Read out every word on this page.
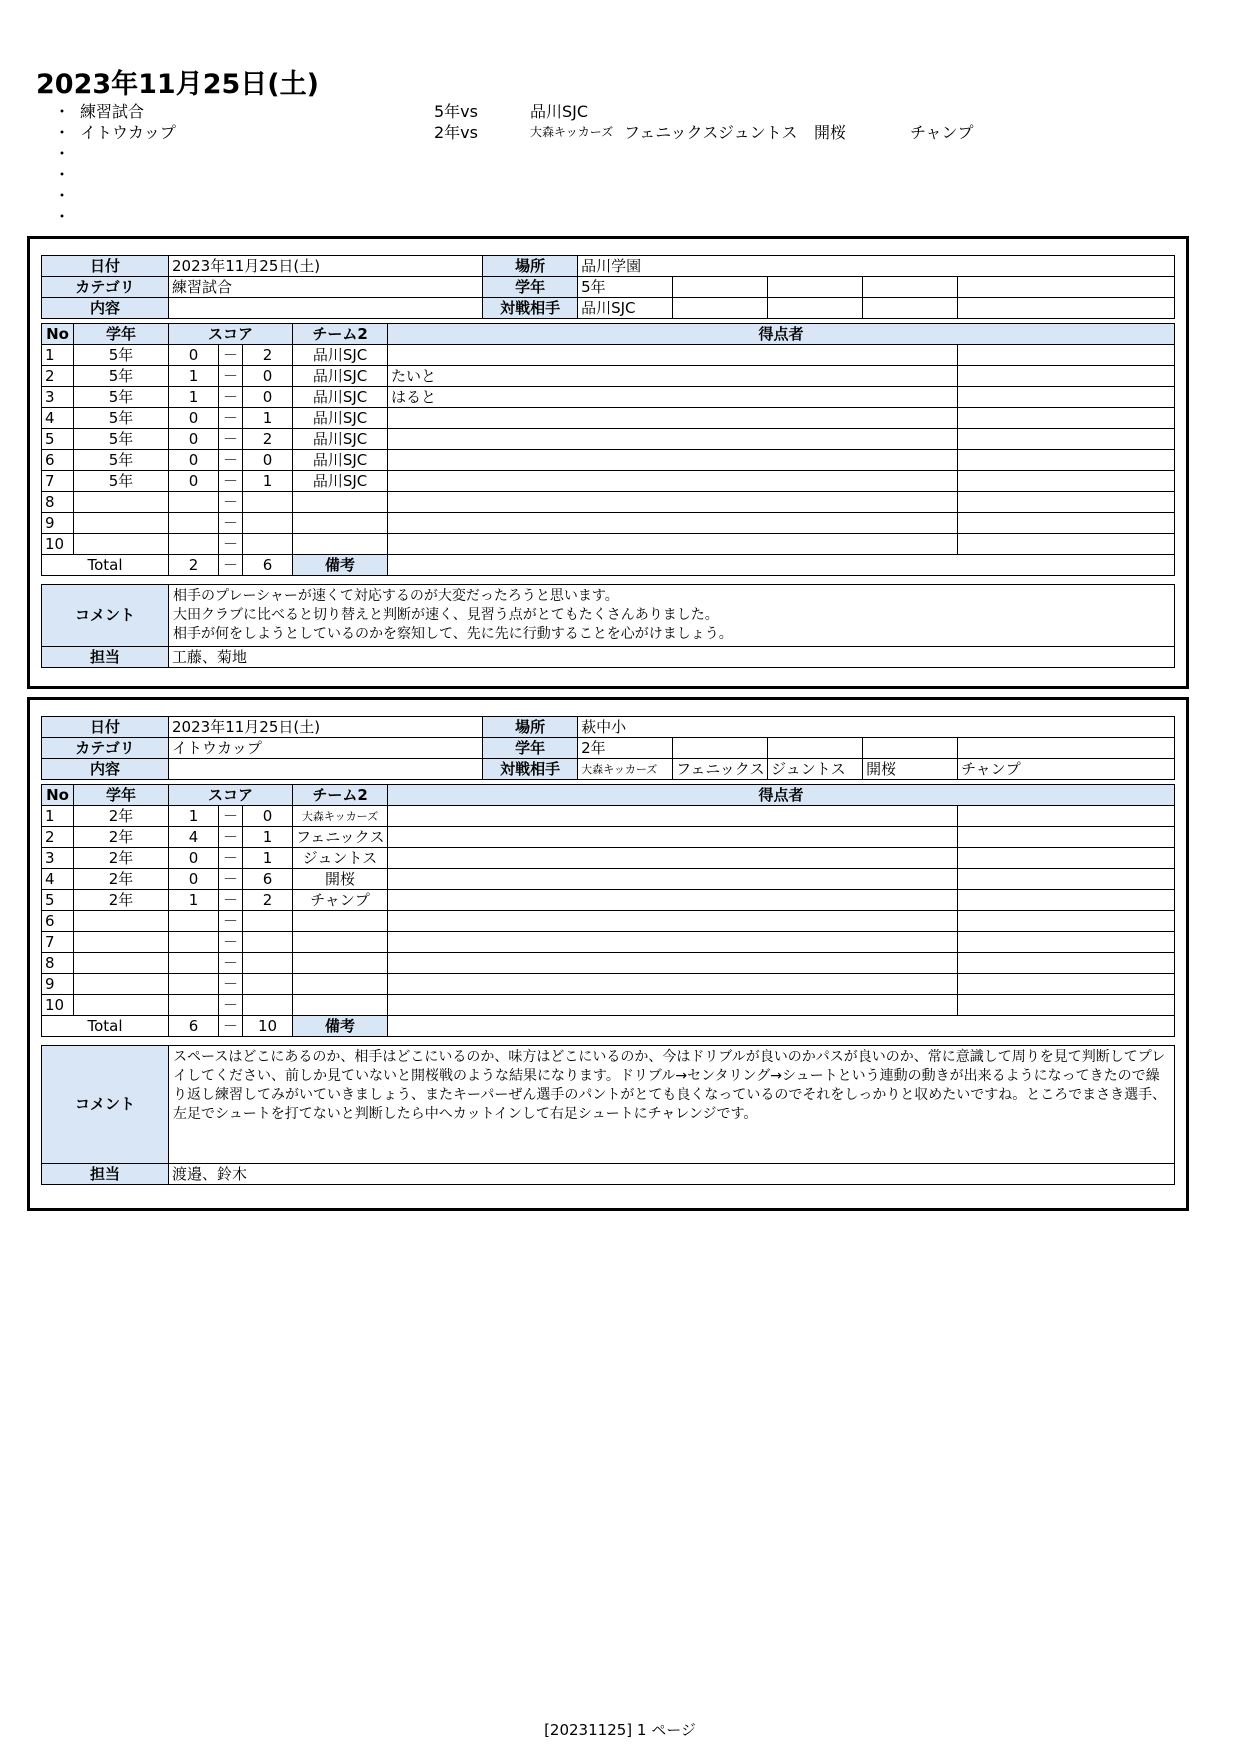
2023年11月25日(土)
・ 練習試合	5年vs	品川SJC
・ イトウカップ	2年vs	大森キッカーズ フェニックス ジュントス 開桜	チャンプ
・
・
・
・
日付	2023年11月25日(土)	場所	品川学園					
カテゴリ	練習試合	学年	5年					
内容		対戦相手	品川SJC					
No	学年	スコア			チーム2	得点者	
1	5年	0	－	2	品川SJC		
2	5年	1	－	0	品川SJC	たいと	
3	5年	1	－	0	品川SJC	はると	
4	5年	0	－	1	品川SJC		
5	5年	0	－	2	品川SJC		
6	5年	0	－	0	品川SJC		
7	5年	0	－	1	品川SJC		
8			－				
9			－				
10			－				
Total		2	－	6	備考		
コメント	相手のプレーシャーが速くて対応するのが大変だったろうと思います。
大田クラブに比べると切り替えと判断が速く、見習う点がとてもたくさんありました。
相手が何をしようとしているのかを察知して、先に先に行動することを心がけましょう。
担当	工藤、菊地
日付	2023年11月25日(土)	場所	萩中小					
カテゴリ	イトウカップ	学年	2年					
内容		対戦相手	大森キッカーズ	フェニックス	ジュントス	開桜	チャンプ	
No	学年	スコア			チーム2	得点者	
1	2年	1	－	0	大森キッカーズ		
2	2年	4	－	1	フェニックス		
3	2年	0	－	1	ジュントス		
4	2年	0	－	6	開桜		
5	2年	1	－	2	チャンプ		
6			－				
7			－				
8			－				
9			－				
10			－				
Total		6	－	10	備考		
コメント	スペースはどこにあるのか、相手はどこにいるのか、味方はどこにいるのか、今はドリブルが良いのかパスが良いのか、常に意識して周りを見て判断してプレイしてください、前しか見ていないと開桜戦のような結果になります。ドリブル→センタリング→シュートという連動の動きが出来るようになってきたので繰り返し練習してみがいていきましょう、またキーパーぜん選手のパントがとても良くなっているのでそれをしっかりと収めたいですね。ところでまさき選手、左足でシュートを打てないと判断したら中へカットインして右足シュートにチャレンジです。
担当	渡邉、鈴木
[20231125] 1 ページ
